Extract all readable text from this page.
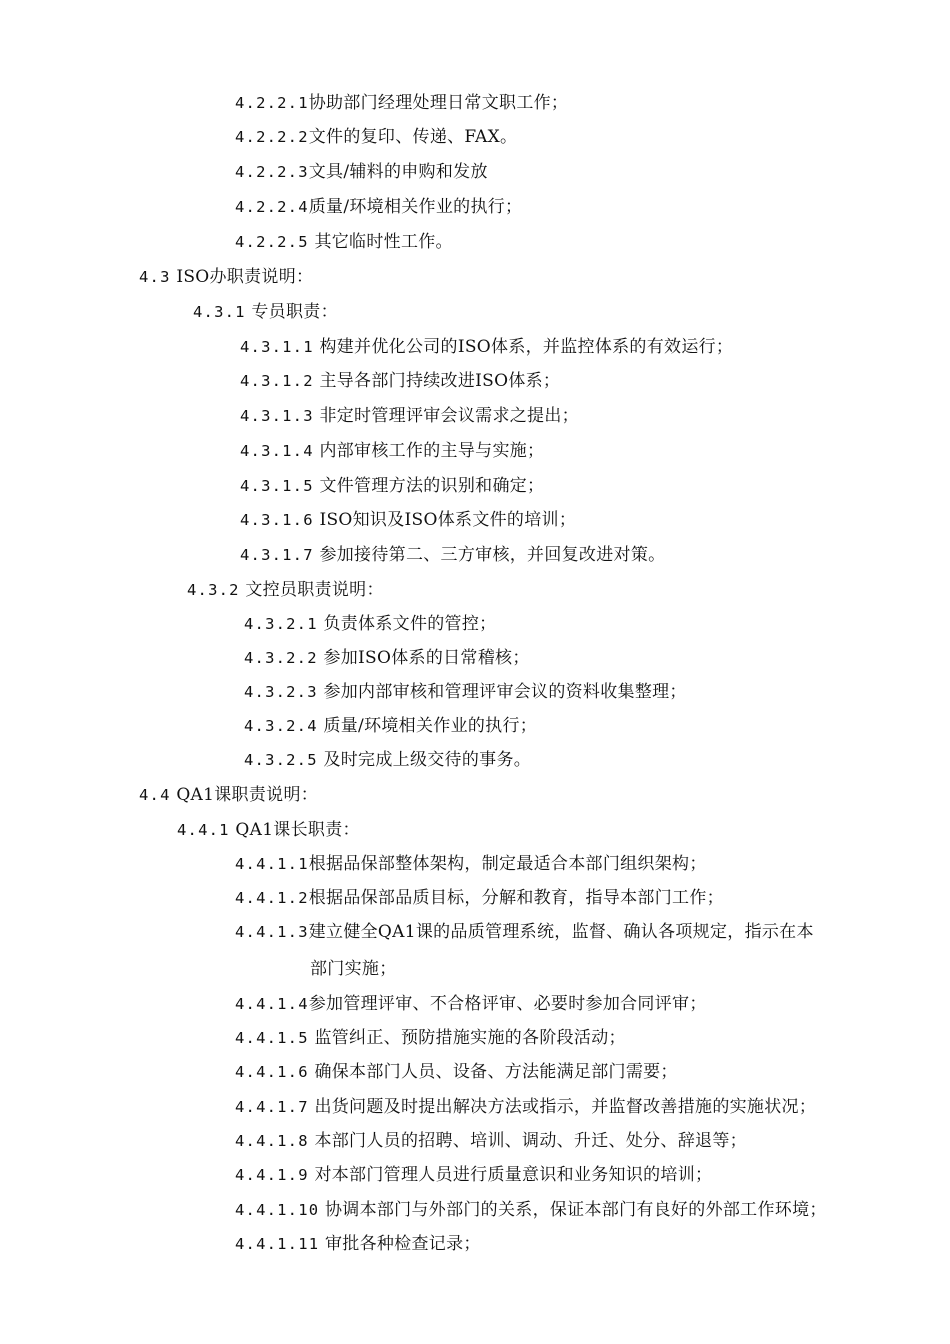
4.2.2.1协助部门经理处理日常文职工作；
4.2.2.2文件的复印、传递、FAX。
4.2.2.3文具/辅料的申购和发放
4.2.2.4质量/环境相关作业的执行；
4.2.2.5 其它临时性工作。
4.3 ISO办职责说明：
4.3.1 专员职责：
4.3.1.1 构建并优化公司的ISO体系，并监控体系的有效运行；
4.3.1.2 主导各部门持续改进ISO体系；
4.3.1.3 非定时管理评审会议需求之提出；
4.3.1.4 内部审核工作的主导与实施；
4.3.1.5 文件管理方法的识别和确定；
4.3.1.6 ISO知识及ISO体系文件的培训；
4.3.1.7 参加接待第二、三方审核，并回复改进对策。
4.3.2 文控员职责说明：
4.3.2.1 负责体系文件的管控；
4.3.2.2 参加ISO体系的日常稽核；
4.3.2.3 参加内部审核和管理评审会议的资料收集整理；
4.3.2.4 质量/环境相关作业的执行；
4.3.2.5 及时完成上级交待的事务。
4.4 QA1课职责说明：
4.4.1 QA1课长职责：
4.4.1.1根据品保部整体架构，制定最适合本部门组织架构；
4.4.1.2根据品保部品质目标，分解和教育，指导本部门工作；
4.4.1.3建立健全QA1课的品质管理系统，监督、确认各项规定，指示在本
部门实施；
4.4.1.4参加管理评审、不合格评审、必要时参加合同评审；
4.4.1.5 监管纠正、预防措施实施的各阶段活动；
4.4.1.6 确保本部门人员、设备、方法能满足部门需要；
4.4.1.7 出货问题及时提出解决方法或指示，并监督改善措施的实施状况；
4.4.1.8 本部门人员的招聘、培训、调动、升迁、处分、辞退等；
4.4.1.9 对本部门管理人员进行质量意识和业务知识的培训；
4.4.1.10 协调本部门与外部门的关系，保证本部门有良好的外部工作环境；
4.4.1.11 审批各种检查记录；
